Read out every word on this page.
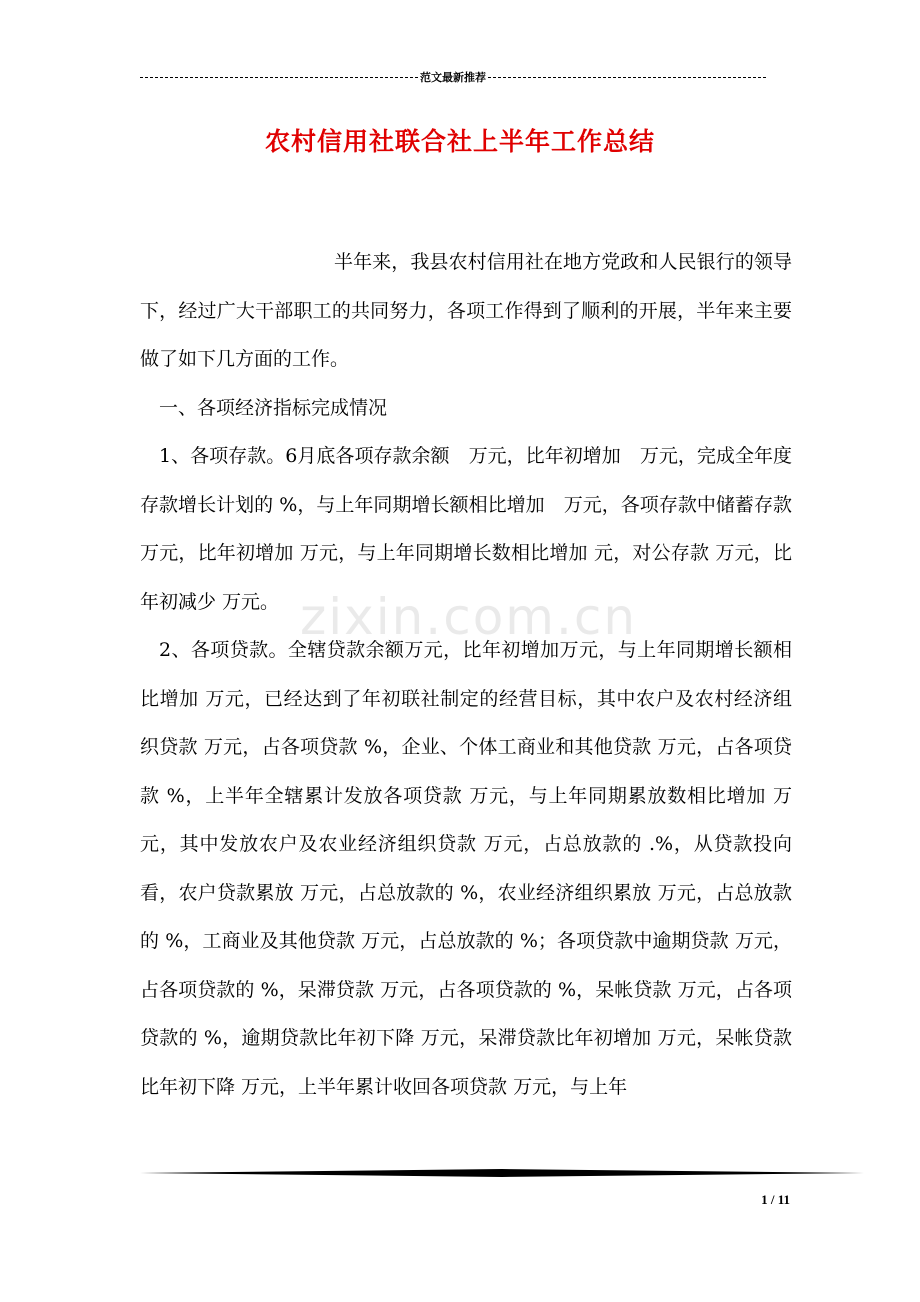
范文最新推荐
农村信用社联合社上半年工作总结

半年来，我县农村信用社在地方党政和人民银行的领导下，经过广大干部职工的共同努力，各项工作得到了顺利的开展，半年来主要做了如下几方面的工作。

一、各项经济指标完成情况

1、各项存款。6月底各项存款余额　万元，比年初增加　万元，完成全年度存款增长计划的 %，与上年同期增长额相比增加　万元，各项存款中储蓄存款 万元，比年初增加 万元，与上年同期增长数相比增加 元，对公存款 万元，比年初减少 万元。

2、各项贷款。全辖贷款余额万元，比年初增加万元，与上年同期增长额相比增加 万元，已经达到了年初联社制定的经营目标，其中农户及农村经济组织贷款 万元，占各项贷款 %，企业、个体工商业和其他贷款 万元，占各项贷款 %，上半年全辖累计发放各项贷款 万元，与上年同期累放数相比增加 万元，其中发放农户及农业经济组织贷款 万元，占总放款的 .%，从贷款投向看，农户贷款累放 万元，占总放款的 %，农业经济组织累放 万元，占总放款的 %，工商业及其他贷款 万元，占总放款的 %；各项贷款中逾期贷款 万元，占各项贷款的 %，呆滞贷款 万元，占各项贷款的 %，呆帐贷款 万元，占各项贷款的 %，逾期贷款比年初下降 万元，呆滞贷款比年初增加 万元，呆帐贷款比年初下降 万元，上半年累计收回各项贷款 万元，与上年

zixin.com.cn
1 / 11
